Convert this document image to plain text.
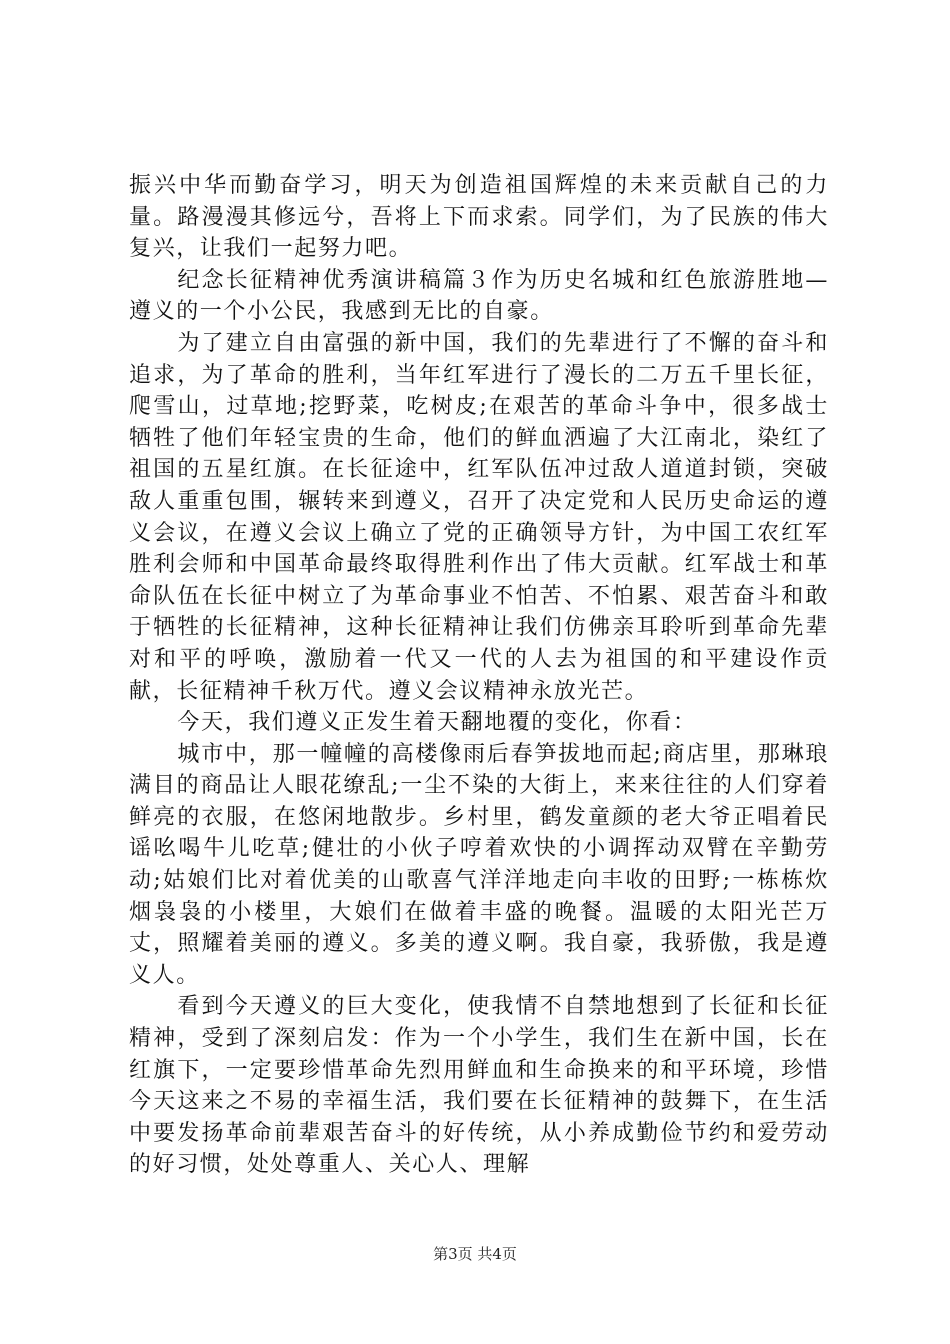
振兴中华而勤奋学习，明天为创造祖国辉煌的未来贡献自己的力量。路漫漫其修远兮，吾将上下而求索。同学们，为了民族的伟大复兴，让我们一起努力吧。

纪念长征精神优秀演讲稿篇３作为历史名城和红色旅游胜地—遵义的一个小公民，我感到无比的自豪。

为了建立自由富强的新中国，我们的先辈进行了不懈的奋斗和追求，为了革命的胜利，当年红军进行了漫长的二万五千里长征，爬雪山，过草地;挖野菜，吃树皮;在艰苦的革命斗争中，很多战士牺牲了他们年轻宝贵的生命，他们的鲜血洒遍了大江南北，染红了祖国的五星红旗。在长征途中，红军队伍冲过敌人道道封锁，突破敌人重重包围，辗转来到遵义，召开了决定党和人民历史命运的遵义会议，在遵义会议上确立了党的正确领导方针，为中国工农红军胜利会师和中国革命最终取得胜利作出了伟大贡献。红军战士和革命队伍在长征中树立了为革命事业不怕苦、不怕累、艰苦奋斗和敢于牺牲的长征精神，这种长征精神让我们仿佛亲耳聆听到革命先辈对和平的呼唤，激励着一代又一代的人去为祖国的和平建设作贡献，长征精神千秋万代。遵义会议精神永放光芒。

今天，我们遵义正发生着天翻地覆的变化，你看：

城市中，那一幢幢的高楼像雨后春笋拔地而起;商店里，那琳琅满目的商品让人眼花缭乱;一尘不染的大街上，来来往往的人们穿着鲜亮的衣服，在悠闲地散步。乡村里，鹤发童颜的老大爷正唱着民谣吆喝牛儿吃草;健壮的小伙子哼着欢快的小调挥动双臂在辛勤劳动;姑娘们比对着优美的山歌喜气洋洋地走向丰收的田野;一栋栋炊烟袅袅的小楼里，大娘们在做着丰盛的晚餐。温暖的太阳光芒万丈，照耀着美丽的遵义。多美的遵义啊。我自豪，我骄傲，我是遵义人。

看到今天遵义的巨大变化，使我情不自禁地想到了长征和长征精神，受到了深刻启发：作为一个小学生，我们生在新中国，长在红旗下，一定要珍惜革命先烈用鲜血和生命换来的和平环境，珍惜今天这来之不易的幸福生活，我们要在长征精神的鼓舞下，在生活中要发扬革命前辈艰苦奋斗的好传统，从小养成勤俭节约和爱劳动的好习惯，处处尊重人、关心人、理解

第3页 共4页
